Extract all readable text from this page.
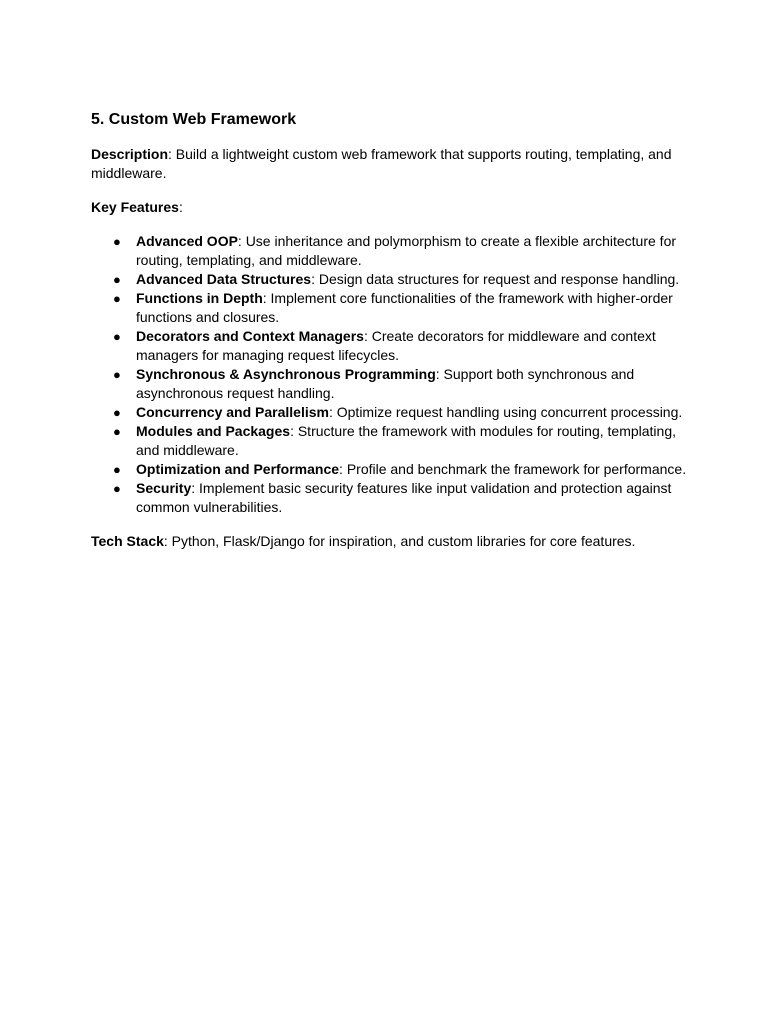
5. Custom Web Framework

Description: Build a lightweight custom web framework that supports routing, templating, and middleware.

Key Features:

● Advanced OOP: Use inheritance and polymorphism to create a flexible architecture for routing, templating, and middleware.
● Advanced Data Structures: Design data structures for request and response handling.
● Functions in Depth: Implement core functionalities of the framework with higher-order functions and closures.
● Decorators and Context Managers: Create decorators for middleware and context managers for managing request lifecycles.
● Synchronous & Asynchronous Programming: Support both synchronous and asynchronous request handling.
● Concurrency and Parallelism: Optimize request handling using concurrent processing.
● Modules and Packages: Structure the framework with modules for routing, templating, and middleware.
● Optimization and Performance: Profile and benchmark the framework for performance.
● Security: Implement basic security features like input validation and protection against common vulnerabilities.

Tech Stack: Python, Flask/Django for inspiration, and custom libraries for core features.
